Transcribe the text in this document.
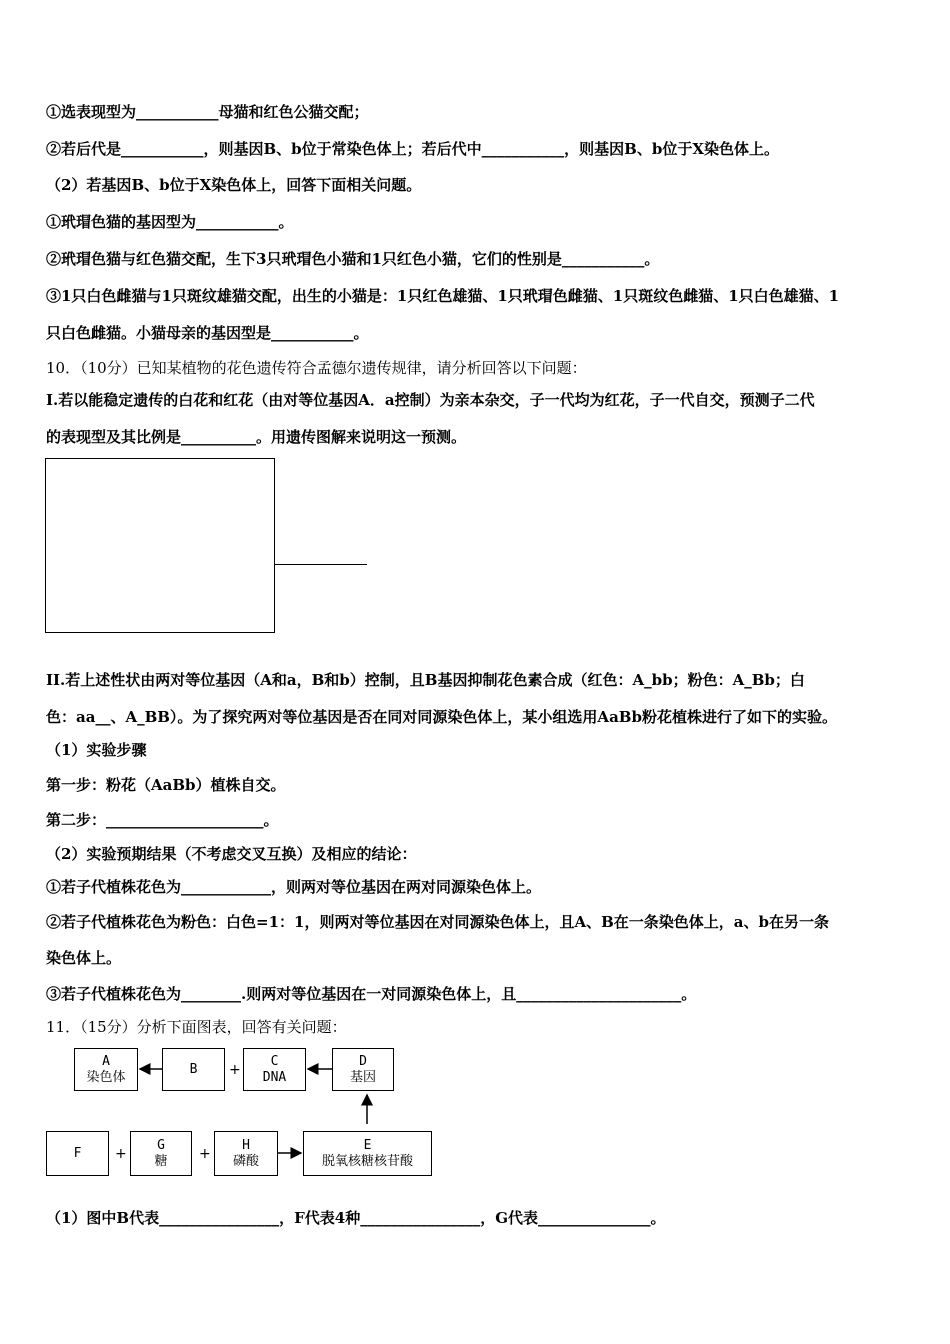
①选表现型为___________母猫和红色公猫交配；
②若后代是___________，则基因B、b位于常染色体上；若后代中___________，则基因B、b位于X染色体上。
（2）若基因B、b位于X染色体上，回答下面相关问题。
①玳瑁色猫的基因型为___________。
②玳瑁色猫与红色猫交配，生下3只玳瑁色小猫和1只红色小猫，它们的性别是___________。
③1只白色雌猫与1只斑纹雄猫交配，出生的小猫是：1只红色雄猫、1只玳瑁色雌猫、1只斑纹色雌猫、1只白色雄猫、1
只白色雌猫。小猫母亲的基因型是___________。
10．（10分）已知某植物的花色遗传符合孟德尔遗传规律，请分析回答以下问题：
I.若以能稳定遗传的白花和红花（由对等位基因A．a控制）为亲本杂交，子一代均为红花，子一代自交，预测子二代
的表现型及其比例是__________。用遗传图解来说明这一预测。
II.若上述性状由两对等位基因（A和a，B和b）控制，且B基因抑制花色素合成（红色：A_bb；粉色：A_Bb；白
色：aa__、A_BB）。为了探究两对等位基因是否在同对同源染色体上，某小组选用AaBb粉花植株进行了如下的实验。
（1）实验步骤
第一步：粉花（AaBb）植株自交。
第二步：_____________________。
（2）实验预期结果（不考虑交叉互换）及相应的结论：
①若子代植株花色为____________，则两对等位基因在两对同源染色体上。
②若子代植株花色为粉色：白色=1：1，则两对等位基因在对同源染色体上，且A、B在一条染色体上，a、b在另一条
染色体上。
③若子代植株花色为________.则两对等位基因在一对同源染色体上，且______________________。
11．（15分）分析下面图表，回答有关问题：
A
染色体
B +
C
DNA
D
基因
F +
G
糖 +
H
磷酸
E
脱氧核糖核苷酸
（1）图中B代表________________，F代表4种________________，G代表_______________。
